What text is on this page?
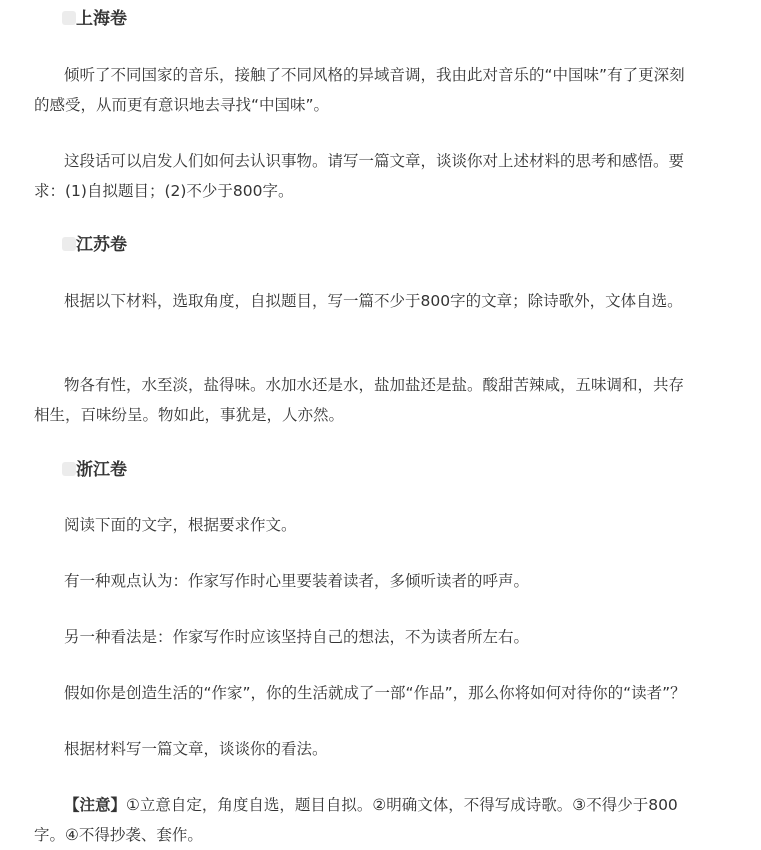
上海卷

倾听了不同国家的音乐，接触了不同风格的异域音调，我由此对音乐的“中国味”有了更深刻的感受，从而更有意识地去寻找“中国味”。

这段话可以启发人们如何去认识事物。请写一篇文章，谈谈你对上述材料的思考和感悟。要求：(1)自拟题目；(2)不少于800字。

江苏卷

根据以下材料，选取角度，自拟题目，写一篇不少于800字的文章；除诗歌外，文体自选。

物各有性，水至淡，盐得味。水加水还是水，盐加盐还是盐。酸甜苦辣咸，五味调和，共存相生，百味纷呈。物如此，事犹是，人亦然。

浙江卷

阅读下面的文字，根据要求作文。

有一种观点认为：作家写作时心里要装着读者，多倾听读者的呼声。

另一种看法是：作家写作时应该坚持自己的想法，不为读者所左右。

假如你是创造生活的“作家”，你的生活就成了一部“作品”，那么你将如何对待你的“读者”？

根据材料写一篇文章，谈谈你的看法。

【注意】①立意自定，角度自选，题目自拟。②明确文体，不得写成诗歌。③不得少于800字。④不得抄袭、套作。
